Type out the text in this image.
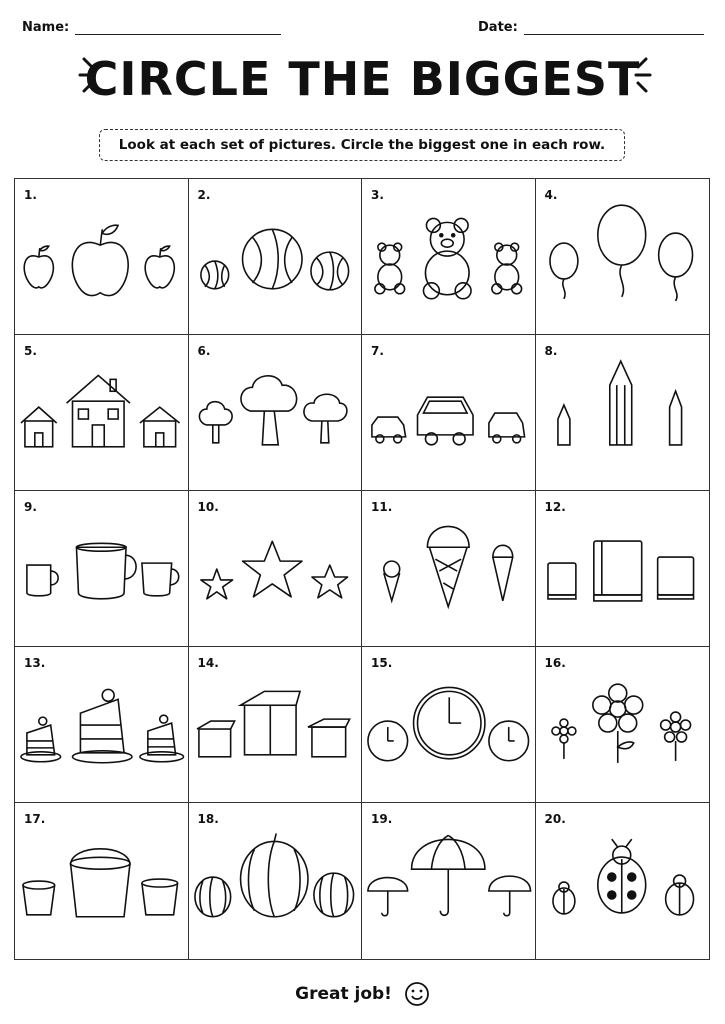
Name:	Date:
CIRCLE THE BIGGEST
Look at each set of pictures. Circle the biggest one in each row.
1.	2.	3.	4.
5.	6.	7.	8.
9.	10.	11.	12.
13.	14.	15.	16.
17.	18.	19.	20.
Great job!
